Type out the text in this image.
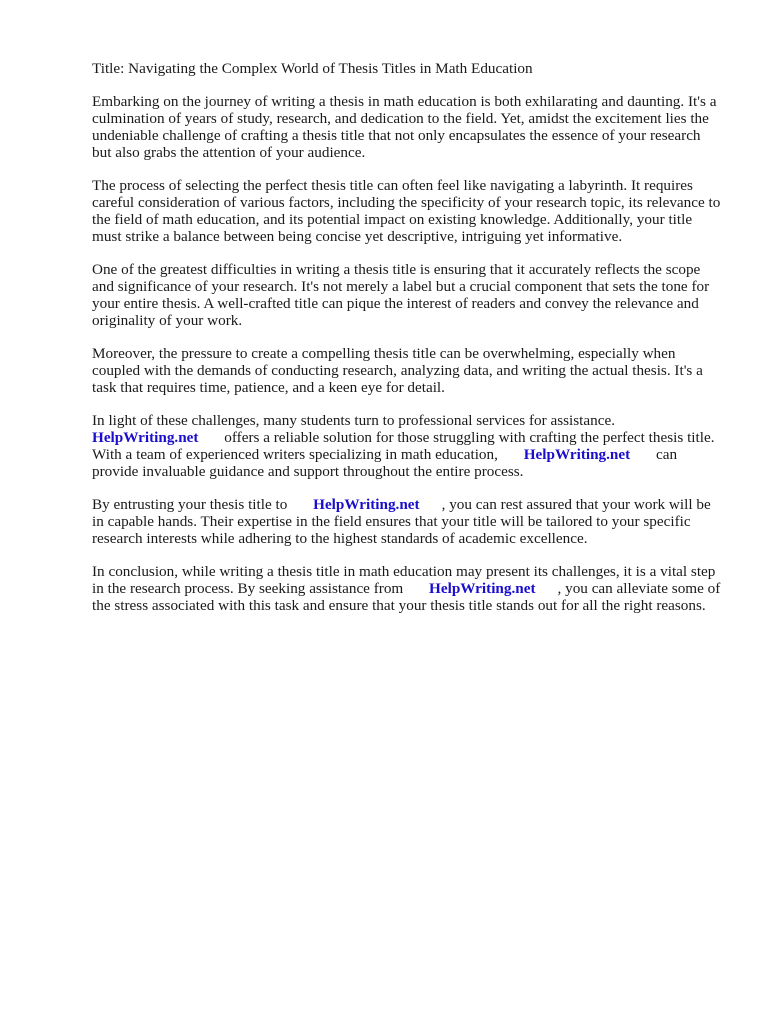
Title: Navigating the Complex World of Thesis Titles in Math Education

Embarking on the journey of writing a thesis in math education is both exhilarating and daunting. It's a culmination of years of study, research, and dedication to the field. Yet, amidst the excitement lies the undeniable challenge of crafting a thesis title that not only encapsulates the essence of your research but also grabs the attention of your audience.

The process of selecting the perfect thesis title can often feel like navigating a labyrinth. It requires careful consideration of various factors, including the specificity of your research topic, its relevance to the field of math education, and its potential impact on existing knowledge. Additionally, your title must strike a balance between being concise yet descriptive, intriguing yet informative.

One of the greatest difficulties in writing a thesis title is ensuring that it accurately reflects the scope and significance of your research. It's not merely a label but a crucial component that sets the tone for your entire thesis. A well-crafted title can pique the interest of readers and convey the relevance and originality of your work.

Moreover, the pressure to create a compelling thesis title can be overwhelming, especially when coupled with the demands of conducting research, analyzing data, and writing the actual thesis. It's a task that requires time, patience, and a keen eye for detail.

In light of these challenges, many students turn to professional services for assistance. HelpWriting.net offers a reliable solution for those struggling with crafting the perfect thesis title. With a team of experienced writers specializing in math education, HelpWriting.net can provide invaluable guidance and support throughout the entire process.

By entrusting your thesis title to HelpWriting.net , you can rest assured that your work will be in capable hands. Their expertise in the field ensures that your title will be tailored to your specific research interests while adhering to the highest standards of academic excellence.

In conclusion, while writing a thesis title in math education may present its challenges, it is a vital step in the research process. By seeking assistance from HelpWriting.net , you can alleviate some of the stress associated with this task and ensure that your thesis title stands out for all the right reasons.
